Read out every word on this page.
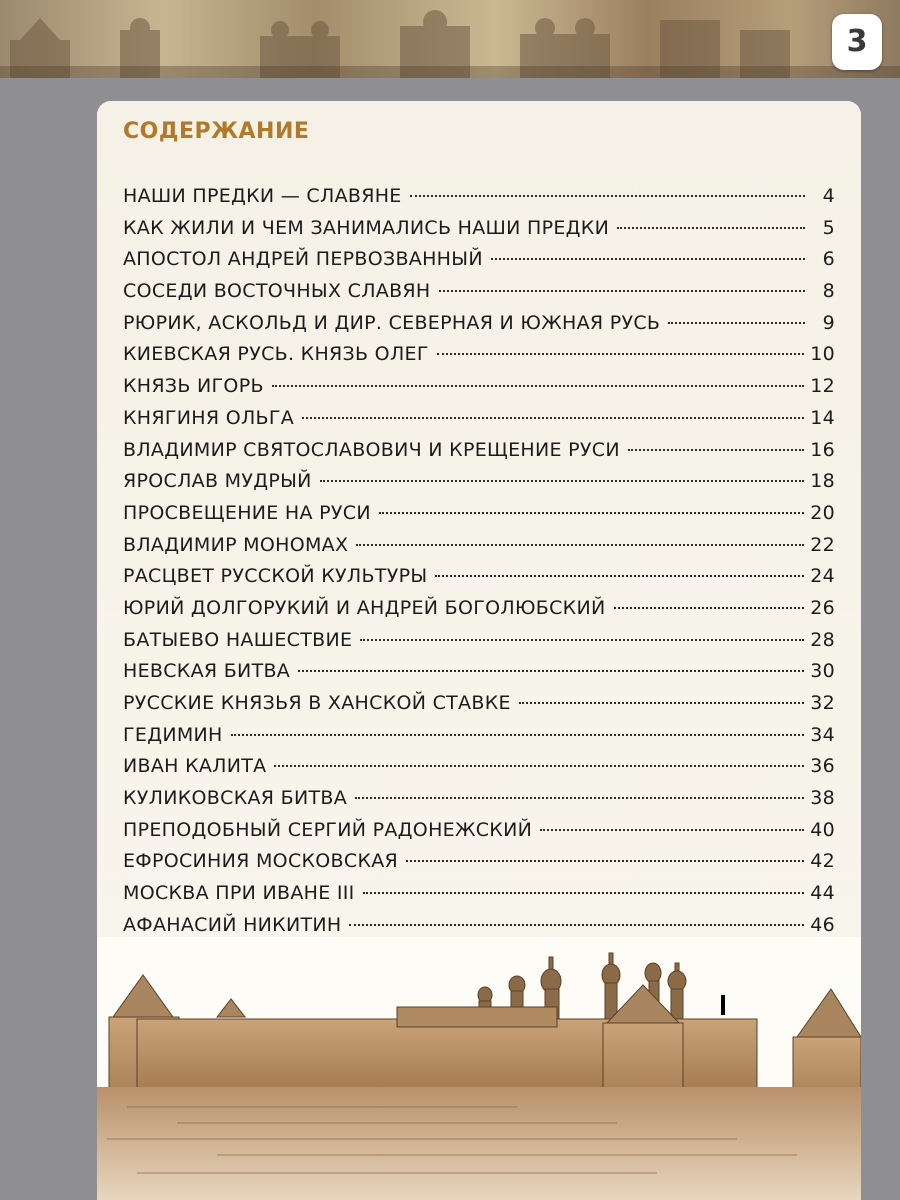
3
СОДЕРЖАНИЕ
НАШИ ПРЕДКИ — СЛАВЯНЕ	4
КАК ЖИЛИ И ЧЕМ ЗАНИМАЛИСЬ НАШИ ПРЕДКИ	5
АПОСТОЛ АНДРЕЙ ПЕРВОЗВАННЫЙ	6
СОСЕДИ ВОСТОЧНЫХ СЛАВЯН	8
РЮРИК, АСКОЛЬД И ДИР. СЕВЕРНАЯ И ЮЖНАЯ РУСЬ	9
КИЕВСКАЯ РУСЬ. КНЯЗЬ ОЛЕГ	10
КНЯЗЬ ИГОРЬ	12
КНЯГИНЯ ОЛЬГА	14
ВЛАДИМИР СВЯТОСЛАВОВИЧ И КРЕЩЕНИЕ РУСИ	16
ЯРОСЛАВ МУДРЫЙ	18
ПРОСВЕЩЕНИЕ НА РУСИ	20
ВЛАДИМИР МОНОМАХ	22
РАСЦВЕТ РУССКОЙ КУЛЬТУРЫ	24
ЮРИЙ ДОЛГОРУКИЙ И АНДРЕЙ БОГОЛЮБСКИЙ	26
БАТЫЕВО НАШЕСТВИЕ	28
НЕВСКАЯ БИТВА	30
РУССКИЕ КНЯЗЬЯ В ХАНСКОЙ СТАВКЕ	32
ГЕДИМИН	34
ИВАН КАЛИТА	36
КУЛИКОВСКАЯ БИТВА	38
ПРЕПОДОБНЫЙ СЕРГИЙ РАДОНЕЖСКИЙ	40
ЕФРОСИНИЯ МОСКОВСКАЯ	42
МОСКВА ПРИ ИВАНЕ III	44
АФАНАСИЙ НИКИТИН	46
